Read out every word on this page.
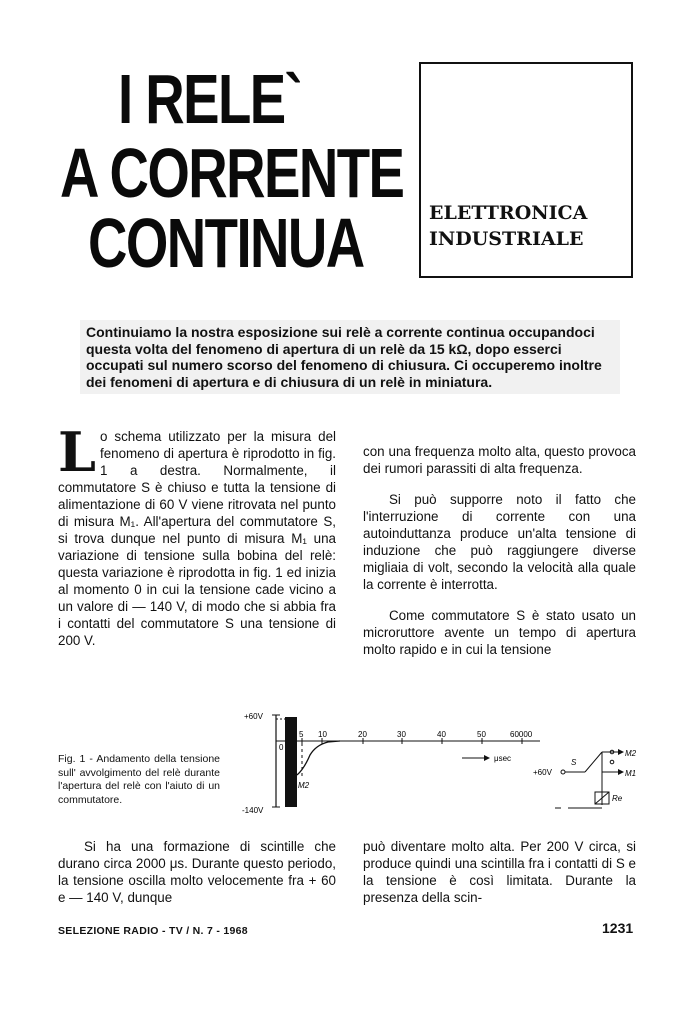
I RELE`
A CORRENTE
CONTINUA	ELETTRONICA
INDUSTRIALE
Continuiamo la nostra esposizione sui relè a corrente continua occupandoci questa volta del fenomeno di apertura di un relè da 15 kΩ, dopo esserci occupati sul numero scorso del fenomeno di chiusura. Ci occuperemo inoltre dei fenomeni di apertura e di chiusura di un relè in miniatura.

Lo schema utilizzato per la misura del fenomeno di apertura è riprodotto in fig. 1 a destra. Normalmente, il commutatore S è chiuso e tutta la tensione di alimentazione di 60 V viene ritrovata nel punto di misura M₁. All'apertura del commutatore S, si trova dunque nel punto di misura M₁ una variazione di tensione sulla bobina del relè: questa variazione è riprodotta in fig. 1 ed inizia al momento 0 in cui la tensione cade vicino a un valore di — 140 V, di modo che si abbia fra i contatti del commutatore S una tensione di 200 V.

con una frequenza molto alta, questo provoca dei rumori parassiti di alta frequenza.

Si può supporre noto il fatto che l'interruzione di corrente con una autoinduttanza produce un'alta tensione di induzione che può raggiungere diverse migliaia di volt, secondo la velocità alla quale la corrente è interrotta.

Come commutatore S è stato usato un microruttore avente un tempo di apertura molto rapido e in cui la tensione

Fig. 1 - Andamento della tensione sull' avvolgimento del relè durante l'apertura del relè con l'aiuto di un commutatore.
+60V
0
-140V
5 10	20	30	40	50	60000
μsec
M2
+60V
S
M2
M1
Re

Si ha una formazione di scintille che durano circa 2000 μs. Durante questo periodo, la tensione oscilla molto velocemente fra + 60 e — 140 V, dunque

può diventare molto alta. Per 200 V circa, si produce quindi una scintilla fra i contatti di S e la tensione è così limitata. Durante la presenza della scin-

SELEZIONE RADIO - TV / N. 7 - 1968	1231
